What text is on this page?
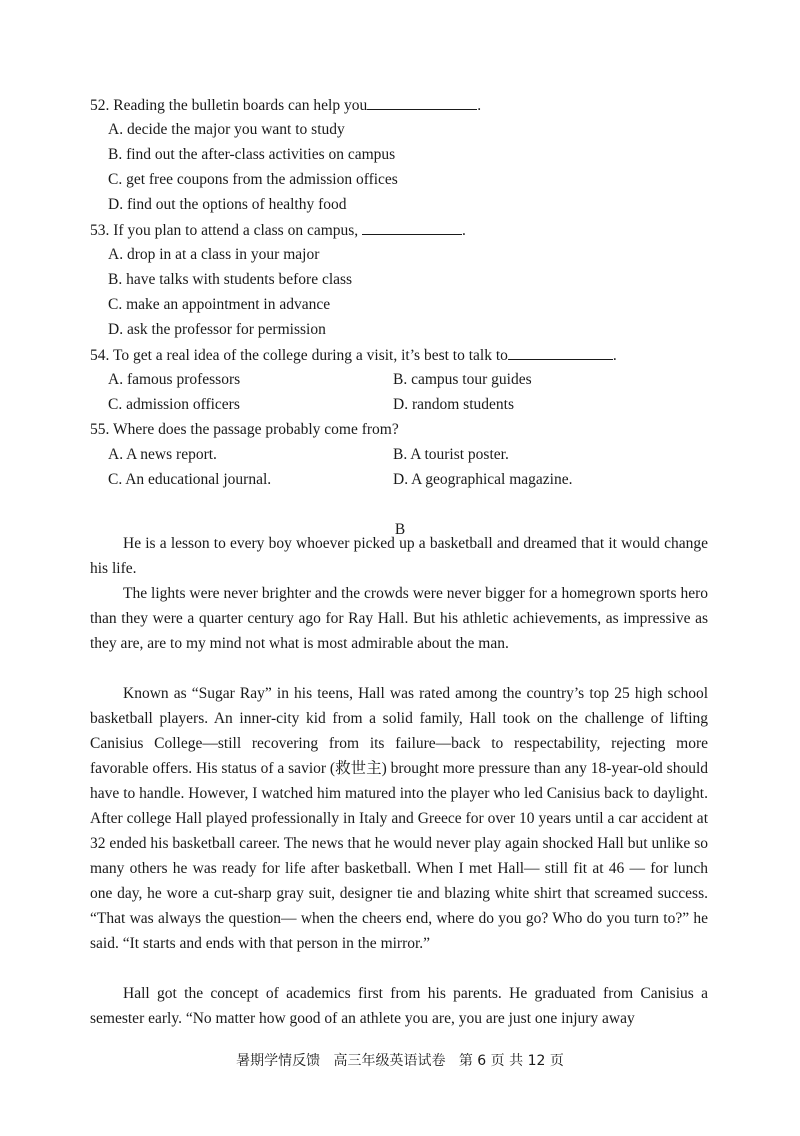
52. Reading the bulletin boards can help you	.
A. decide the major you want to study
B. find out the after-class activities on campus
C. get free coupons from the admission offices
D. find out the options of healthy food
53. If you plan to attend a class on campus,	.
A. drop in at a class in your major
B. have talks with students before class
C. make an appointment in advance
D. ask the professor for permission
54. To get a real idea of the college during a visit, it’s best to talk to	.
A. famous professors	B. campus tour guides
C. admission officers	D. random students
55. Where does the passage probably come from?
A. A news report.	B. A tourist poster.
C. An educational journal.	D. A geographical magazine.
B

He is a lesson to every boy whoever picked up a basketball and dreamed that it would change his life.

The lights were never brighter and the crowds were never bigger for a homegrown sports hero than they were a quarter century ago for Ray Hall. But his athletic achievements, as impressive as they are, are to my mind not what is most admirable about the man.

Known as “Sugar Ray” in his teens, Hall was rated among the country’s top 25 high school basketball players. An inner-city kid from a solid family, Hall took on the challenge of lifting Canisius College—still recovering from its failure—back to respectability, rejecting more favorable offers. His status of a savior (救世主) brought more pressure than any 18-year-old should have to handle. However, I watched him matured into the player who led Canisius back to daylight. After college Hall played professionally in Italy and Greece for over 10 years until a car accident at 32 ended his basketball career. The news that he would never play again shocked Hall but unlike so many others he was ready for life after basketball. When I met Hall— still fit at 46 — for lunch one day, he wore a cut-sharp gray suit, designer tie and blazing white shirt that screamed success. “That was always the question— when the cheers end, where do you go? Who do you turn to?” he said. “It starts and ends with that person in the mirror.”

Hall got the concept of academics first from his parents. He graduated from Canisius a semester early. “No matter how good of an athlete you are, you are just one injury away

暑期学情反馈   高三年级英语试卷   第 6 页 共 12 页
